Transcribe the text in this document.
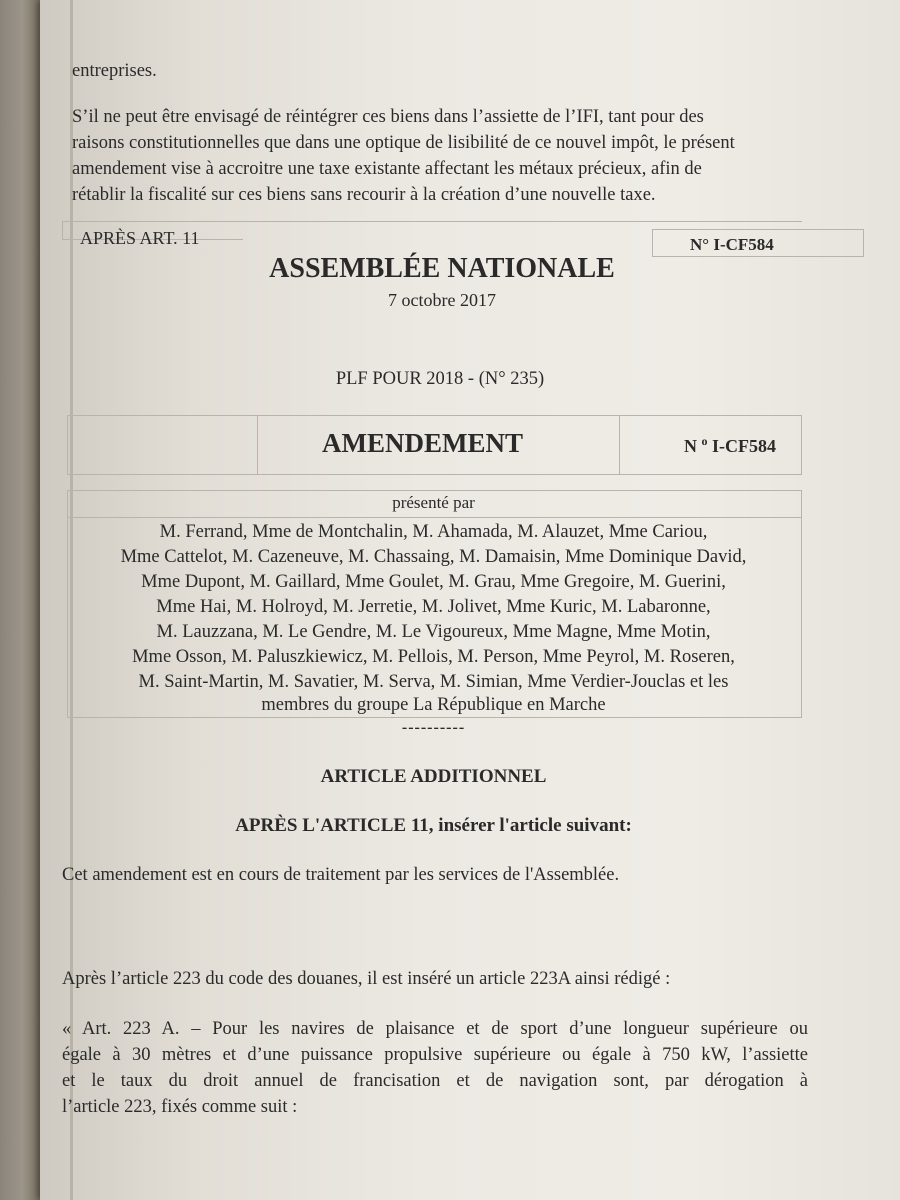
entreprises.
S’il ne peut être envisagé de réintégrer ces biens dans l’assiette de l’IFI, tant pour des
raisons constitutionnelles que dans une optique de lisibilité de ce nouvel impôt, le présent
amendement vise à accroitre une taxe existante affectant les métaux précieux, afin de
rétablir la fiscalité sur ces biens sans recourir à la création d’une nouvelle taxe.
APRÈS ART. 11	N° I-CF584
ASSEMBLÉE NATIONALE
7 octobre 2017
PLF POUR 2018 - (N° 235)
AMENDEMENT	N $^o$ I-CF584
présenté par
M. Ferrand, Mme de Montchalin, M. Ahamada, M. Alauzet, Mme Cariou,
Mme Cattelot, M. Cazeneuve, M. Chassaing, M. Damaisin, Mme Dominique David,
Mme Dupont, M. Gaillard, Mme Goulet, M. Grau, Mme Gregoire, M. Guerini,
Mme Hai, M. Holroyd, M. Jerretie, M. Jolivet, Mme Kuric, M. Labaronne,
M. Lauzzana, M. Le Gendre, M. Le Vigoureux, Mme Magne, Mme Motin,
Mme Osson, M. Paluszkiewicz, M. Pellois, M. Person, Mme Peyrol, M. Roseren,
M. Saint-Martin, M. Savatier, M. Serva, M. Simian, Mme Verdier-Jouclas et les
membres du groupe La République en Marche
----------
ARTICLE ADDITIONNEL
APRÈS L'ARTICLE 11, insérer l'article suivant:
Cet amendement est en cours de traitement par les services de l'Assemblée.
Après l’article 223 du code des douanes, il est inséré un article 223A ainsi rédigé :
« Art. 223 A. – Pour les navires de plaisance et de sport d’une longueur supérieure ou
égale à 30 mètres et d’une puissance propulsive supérieure ou égale à 750 kW, l’assiette
et le taux du droit annuel de francisation et de navigation sont, par dérogation à
l’article 223, fixés comme suit :
